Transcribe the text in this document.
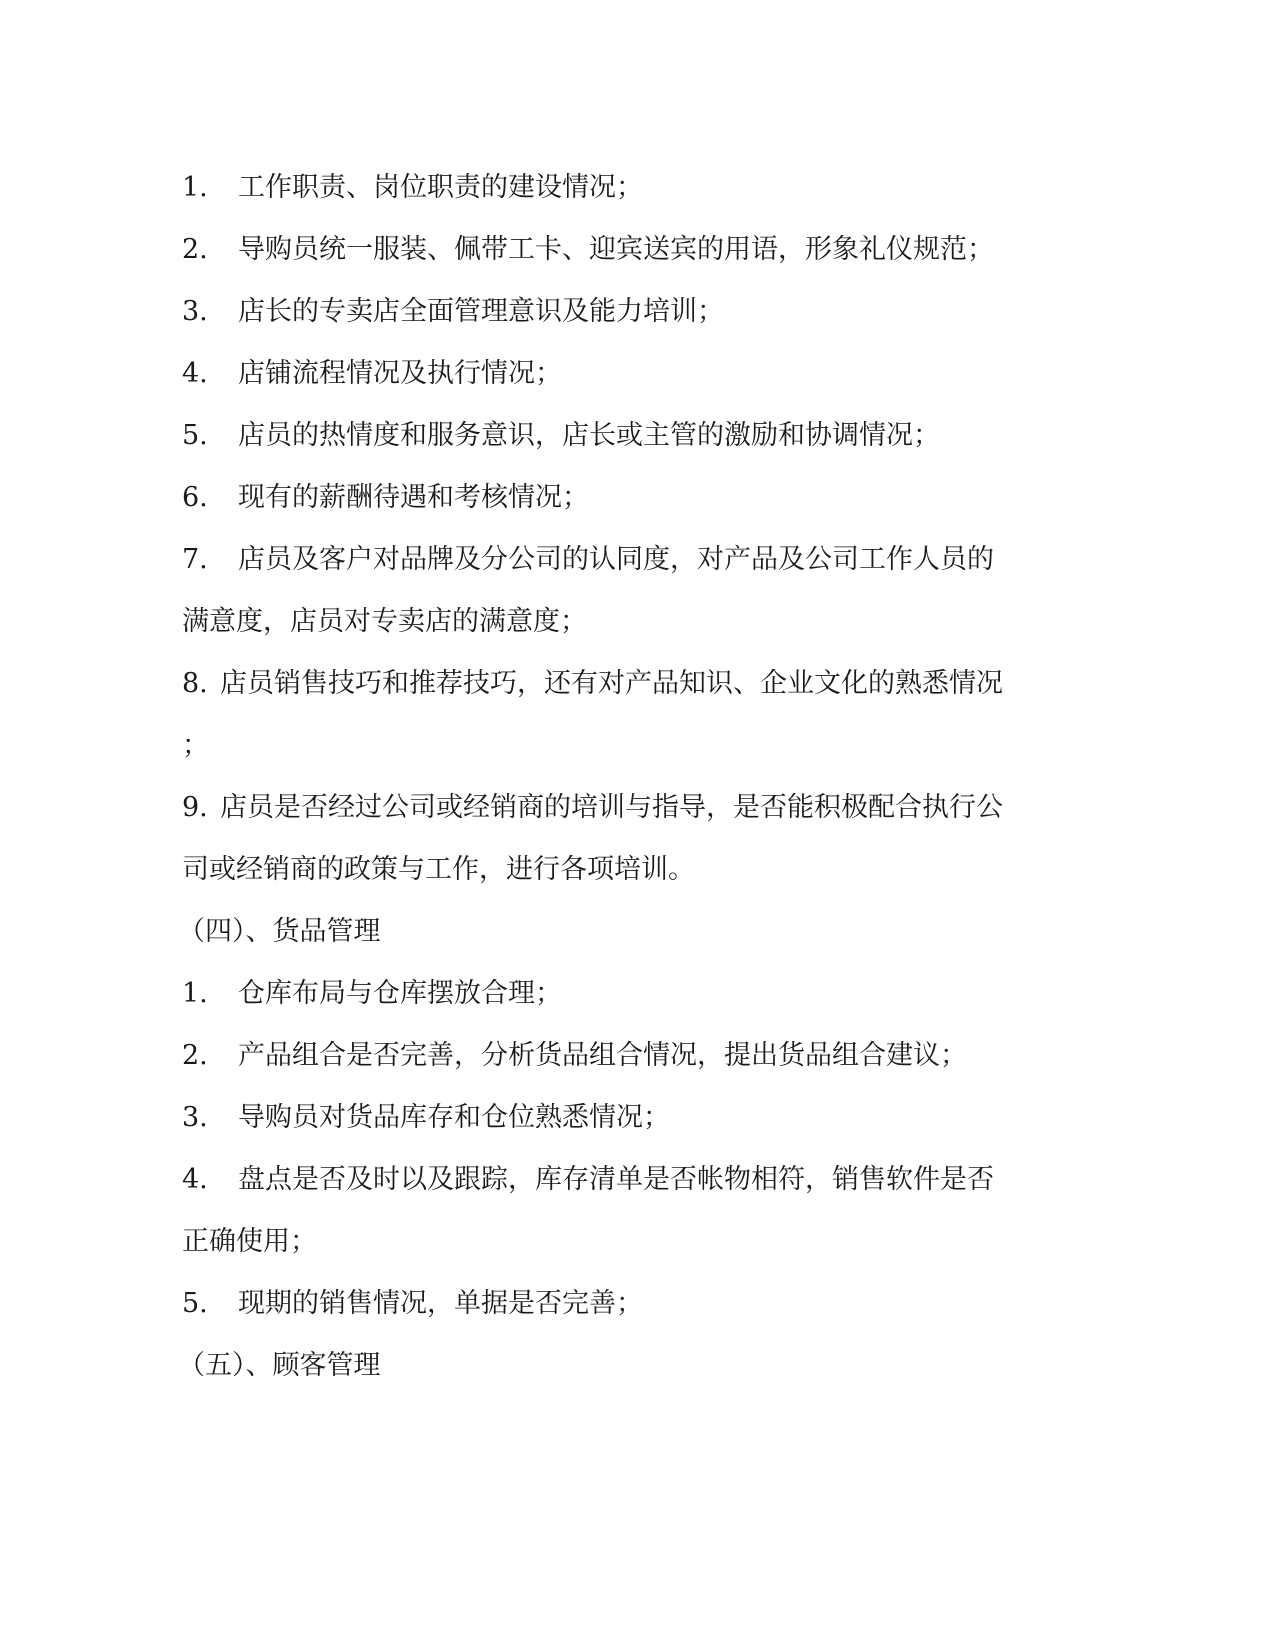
1. 工作职责、岗位职责的建设情况；
2. 导购员统一服装、佩带工卡、迎宾送宾的用语，形象礼仪规范；
3. 店长的专卖店全面管理意识及能力培训；
4. 店铺流程情况及执行情况；
5. 店员的热情度和服务意识，店长或主管的激励和协调情况；
6. 现有的薪酬待遇和考核情况；
7. 店员及客户对品牌及分公司的认同度，对产品及公司工作人员的
满意度，店员对专卖店的满意度；
8. 店员销售技巧和推荐技巧，还有对产品知识、企业文化的熟悉情况
；
9. 店员是否经过公司或经销商的培训与指导，是否能积极配合执行公
司或经销商的政策与工作，进行各项培训。
（四）、货品管理
1. 仓库布局与仓库摆放合理；
2. 产品组合是否完善，分析货品组合情况，提出货品组合建议；
3. 导购员对货品库存和仓位熟悉情况；
4. 盘点是否及时以及跟踪，库存清单是否帐物相符，销售软件是否
正确使用；
5. 现期的销售情况，单据是否完善；
（五）、顾客管理
